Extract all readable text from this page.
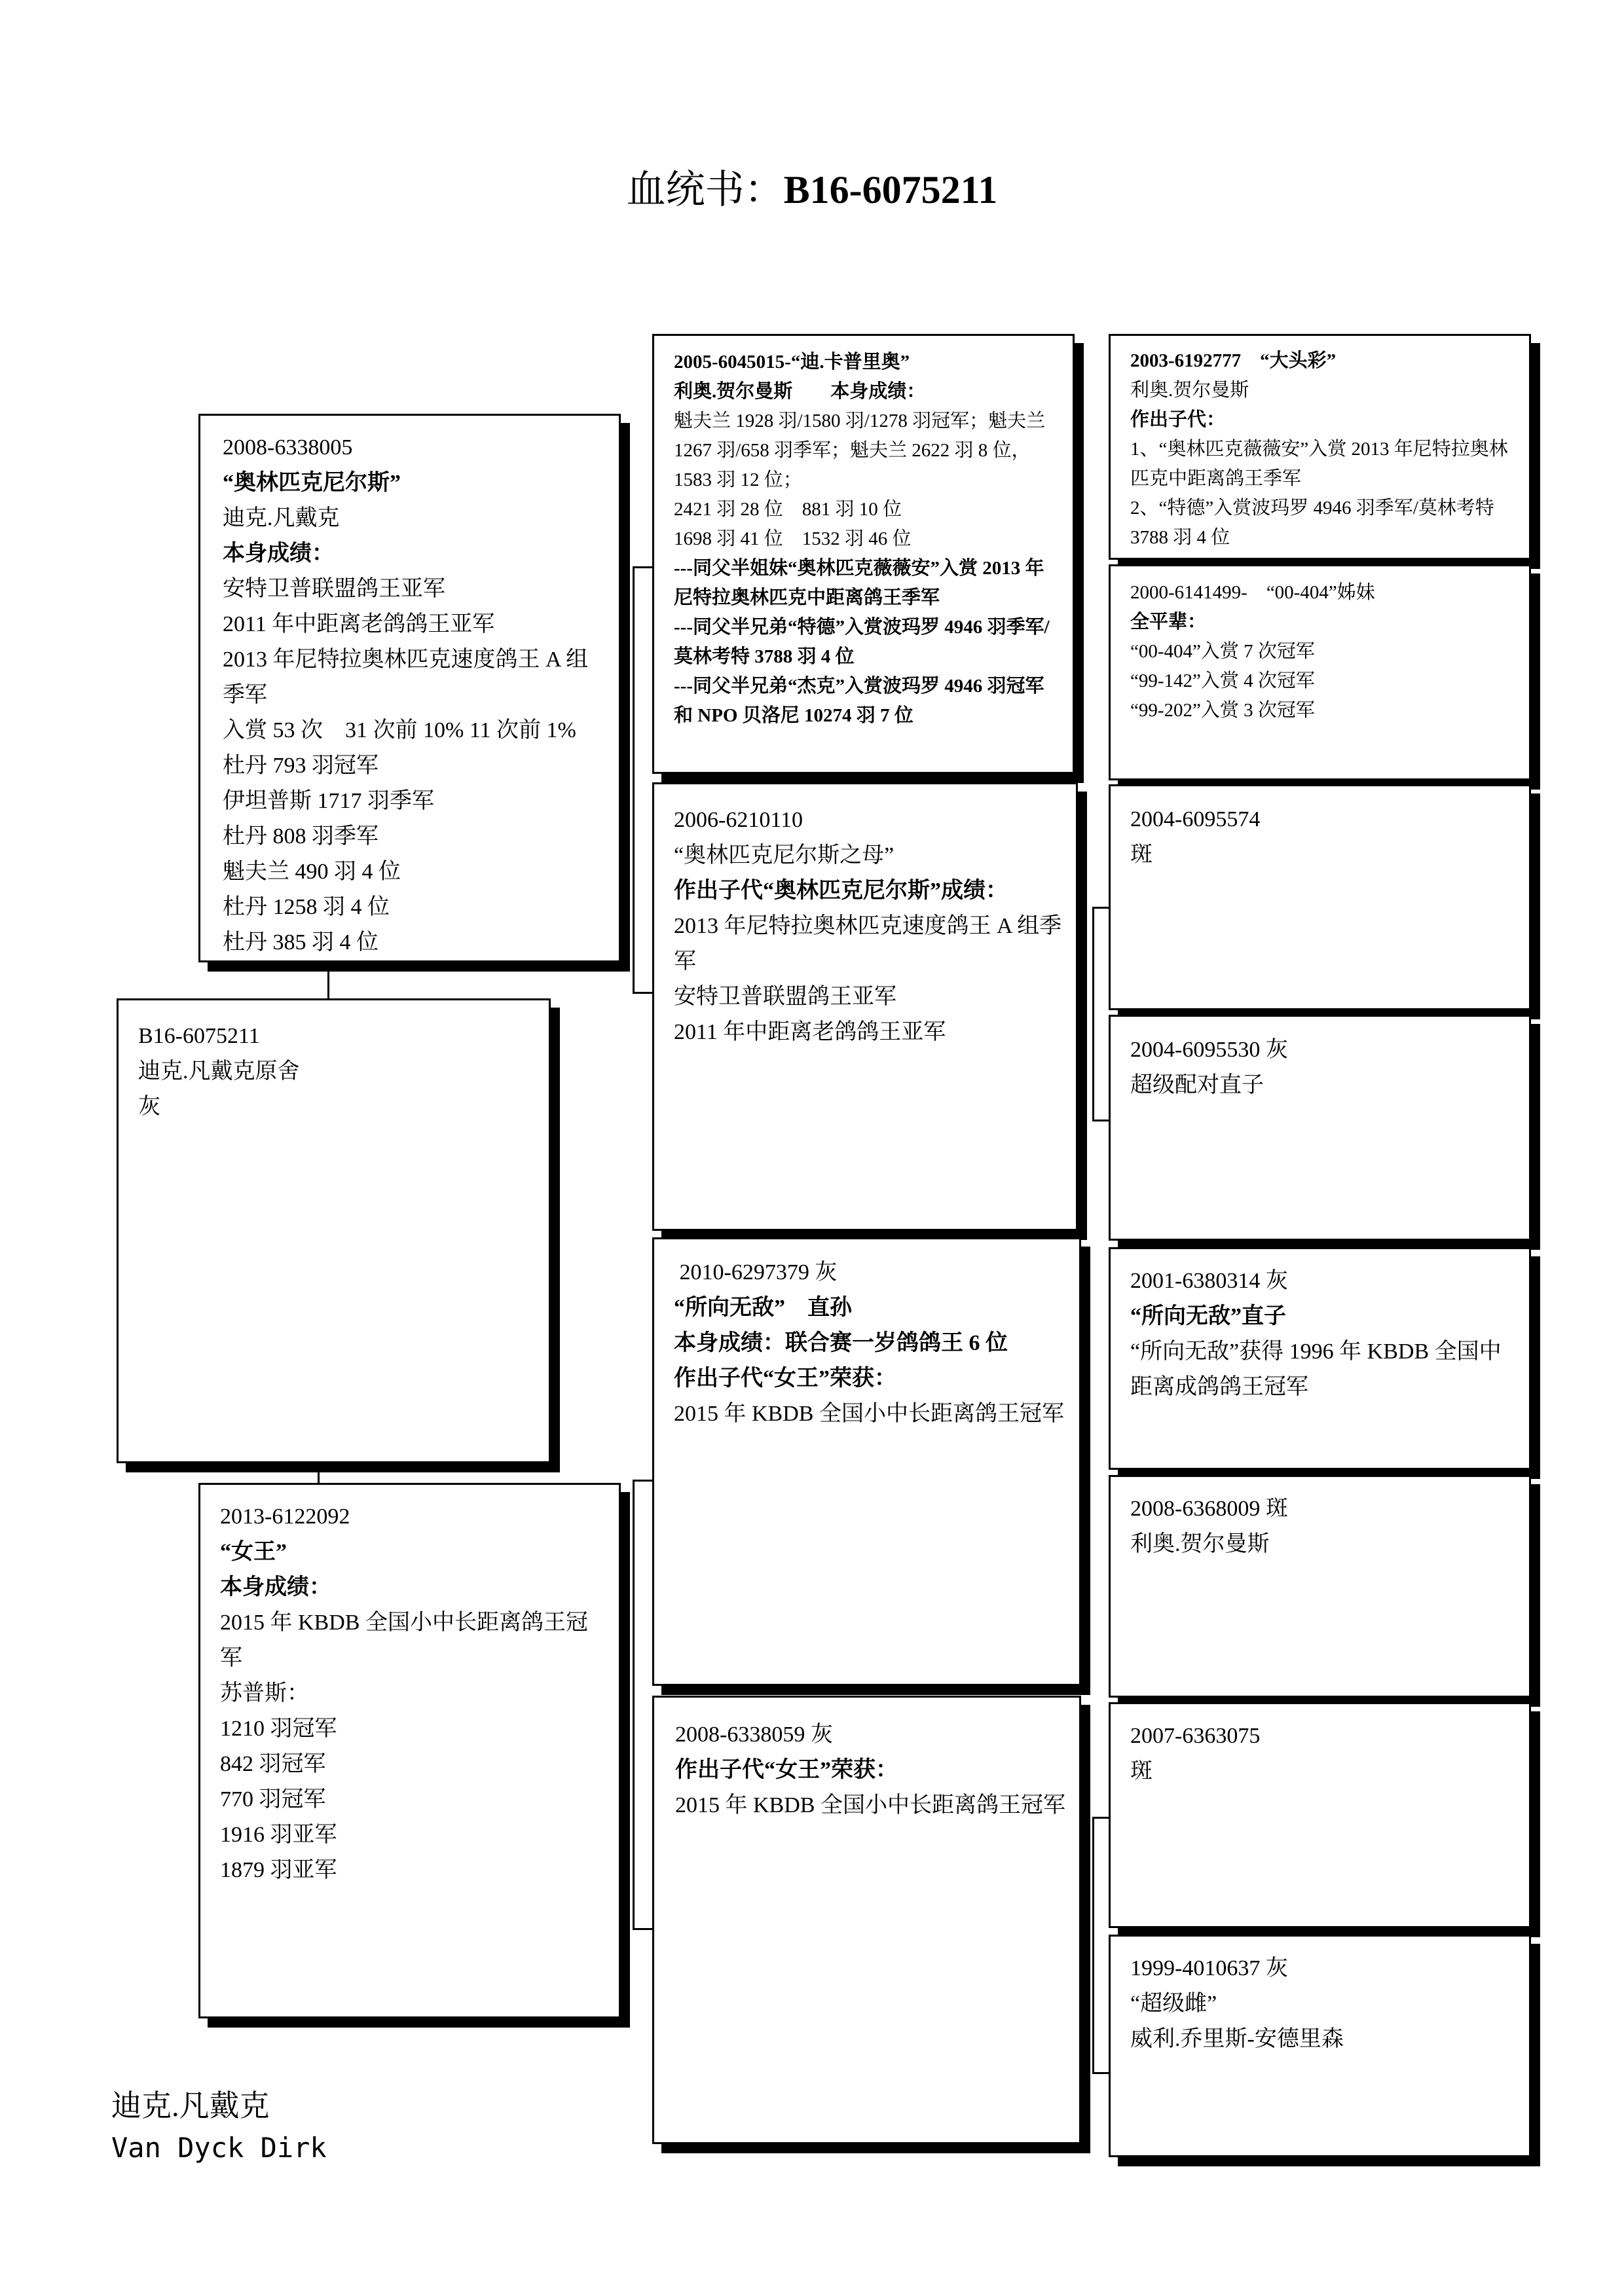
血统书：B16-6075211
B16-6075211
迪克.凡戴克原舍
灰
2008-6338005
“奥林匹克尼尔斯”
迪克.凡戴克
本身成绩：
安特卫普联盟鸽王亚军
2011 年中距离老鸽鸽王亚军
2013 年尼特拉奥林匹克速度鸽王 A 组季军
入赏 53 次　31 次前 10% 11 次前 1%
杜丹 793 羽冠军
伊坦普斯 1717 羽季军
杜丹 808 羽季军
魁夫兰 490 羽 4 位
杜丹 1258 羽 4 位
杜丹 385 羽 4 位
2013-6122092
“女王”
本身成绩：
2015 年 KBDB 全国小中长距离鸽王冠军
苏普斯：
1210 羽冠军
842 羽冠军
770 羽冠军
1916 羽亚军
1879 羽亚军
2005-6045015-“迪.卡普里奥”
利奥.贺尔曼斯　　本身成绩：
魁夫兰 1928 羽/1580 羽/1278 羽冠军；魁夫兰 1267 羽/658 羽季军；魁夫兰 2622 羽 8 位，1583 羽 12 位；
2421 羽 28 位　881 羽 10 位
1698 羽 41 位　1532 羽 46 位
---同父半姐妹“奥林匹克薇薇安”入赏 2013 年尼特拉奥林匹克中距离鸽王季军
---同父半兄弟“特德”入赏波玛罗 4946 羽季军/莫林考特 3788 羽 4 位
---同父半兄弟“杰克”入赏波玛罗 4946 羽冠军和 NPO 贝洛尼 10274 羽 7 位
2006-6210110
“奥林匹克尼尔斯之母”
作出子代“奥林匹克尼尔斯”成绩：
2013 年尼特拉奥林匹克速度鸽王 A 组季军
安特卫普联盟鸽王亚军
2011 年中距离老鸽鸽王亚军
2010-6297379 灰
“所向无敌”　直孙
本身成绩：联合赛一岁鸽鸽王 6 位
作出子代“女王”荣获：
2015 年 KBDB 全国小中长距离鸽王冠军
2008-6338059 灰
作出子代“女王”荣获：
2015 年 KBDB 全国小中长距离鸽王冠军
2003-6192777　“大头彩”
利奥.贺尔曼斯
作出子代：
1、“奥林匹克薇薇安”入赏 2013 年尼特拉奥林匹克中距离鸽王季军
2、“特德”入赏波玛罗 4946 羽季军/莫林考特 3788 羽 4 位
2000-6141499-　“00-404”姊妹
全平辈：
“00-404”入赏 7 次冠军
“99-142”入赏 4 次冠军
“99-202”入赏 3 次冠军
2004-6095574
斑
2004-6095530 灰
超级配对直子
2001-6380314 灰
“所向无敌”直子
“所向无敌”获得 1996 年 KBDB 全国中距离成鸽鸽王冠军
2008-6368009 斑
利奥.贺尔曼斯
2007-6363075
斑
1999-4010637 灰
“超级雌”
威利.乔里斯-安德里森
迪克.凡戴克
Van Dyck Dirk
